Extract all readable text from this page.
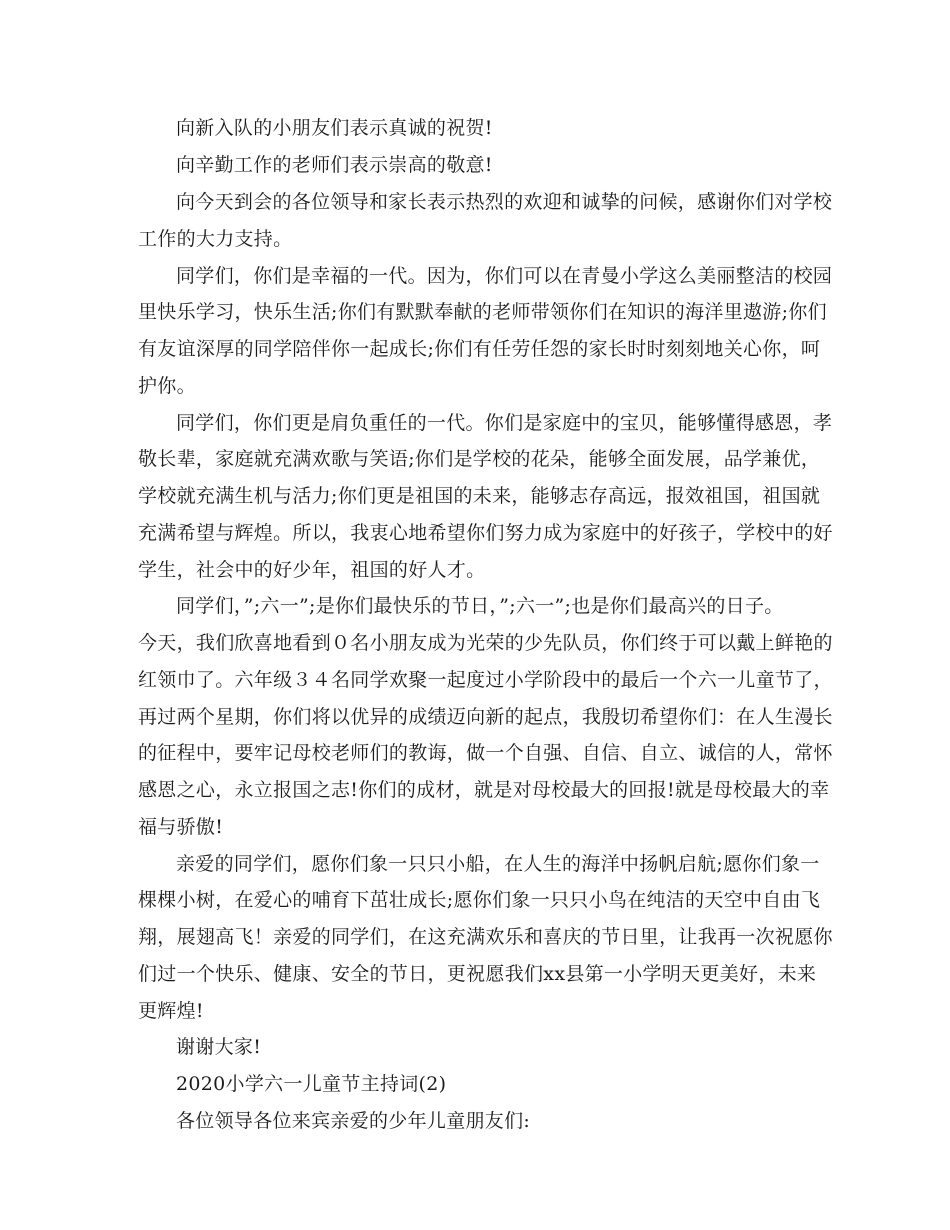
向新入队的小朋友们表示真诚的祝贺!
向辛勤工作的老师们表示崇高的敬意!
向今天到会的各位领导和家长表示热烈的欢迎和诚挚的问候，感谢你们对学校
工作的大力支持。
同学们，你们是幸福的一代。因为，你们可以在青曼小学这么美丽整洁的校园
里快乐学习，快乐生活;你们有默默奉献的老师带领你们在知识的海洋里遨游;你们
有友谊深厚的同学陪伴你一起成长;你们有任劳任怨的家长时时刻刻地关心你，呵
护你。
同学们，你们更是肩负重任的一代。你们是家庭中的宝贝，能够懂得感恩，孝
敬长辈，家庭就充满欢歌与笑语;你们是学校的花朵，能够全面发展，品学兼优，
学校就充满生机与活力;你们更是祖国的未来，能够志存高远，报效祖国，祖国就
充满希望与辉煌。所以，我衷心地希望你们努力成为家庭中的好孩子，学校中的好
学生，社会中的好少年，祖国的好人才。
同学们，”;六一”;是你们最快乐的节日，”;六一”;也是你们最高兴的日子。
今天，我们欣喜地看到０名小朋友成为光荣的少先队员，你们终于可以戴上鲜艳的
红领巾了。六年级３４名同学欢聚一起度过小学阶段中的最后一个六一儿童节了，
再过两个星期，你们将以优异的成绩迈向新的起点，我殷切希望你们：在人生漫长
的征程中，要牢记母校老师们的教诲，做一个自强、自信、自立、诚信的人，常怀
感恩之心，永立报国之志!你们的成材，就是对母校最大的回报!就是母校最大的幸
福与骄傲!
亲爱的同学们，愿你们象一只只小船，在人生的海洋中扬帆启航;愿你们象一
棵棵小树，在爱心的哺育下茁壮成长;愿你们象一只只小鸟在纯洁的天空中自由飞
翔，展翅高飞！亲爱的同学们，在这充满欢乐和喜庆的节日里，让我再一次祝愿你
们过一个快乐、健康、安全的节日，更祝愿我们xx县第一小学明天更美好，未来
更辉煌!
谢谢大家!
2020小学六一儿童节主持词(2)
各位领导各位来宾亲爱的少年儿童朋友们:
